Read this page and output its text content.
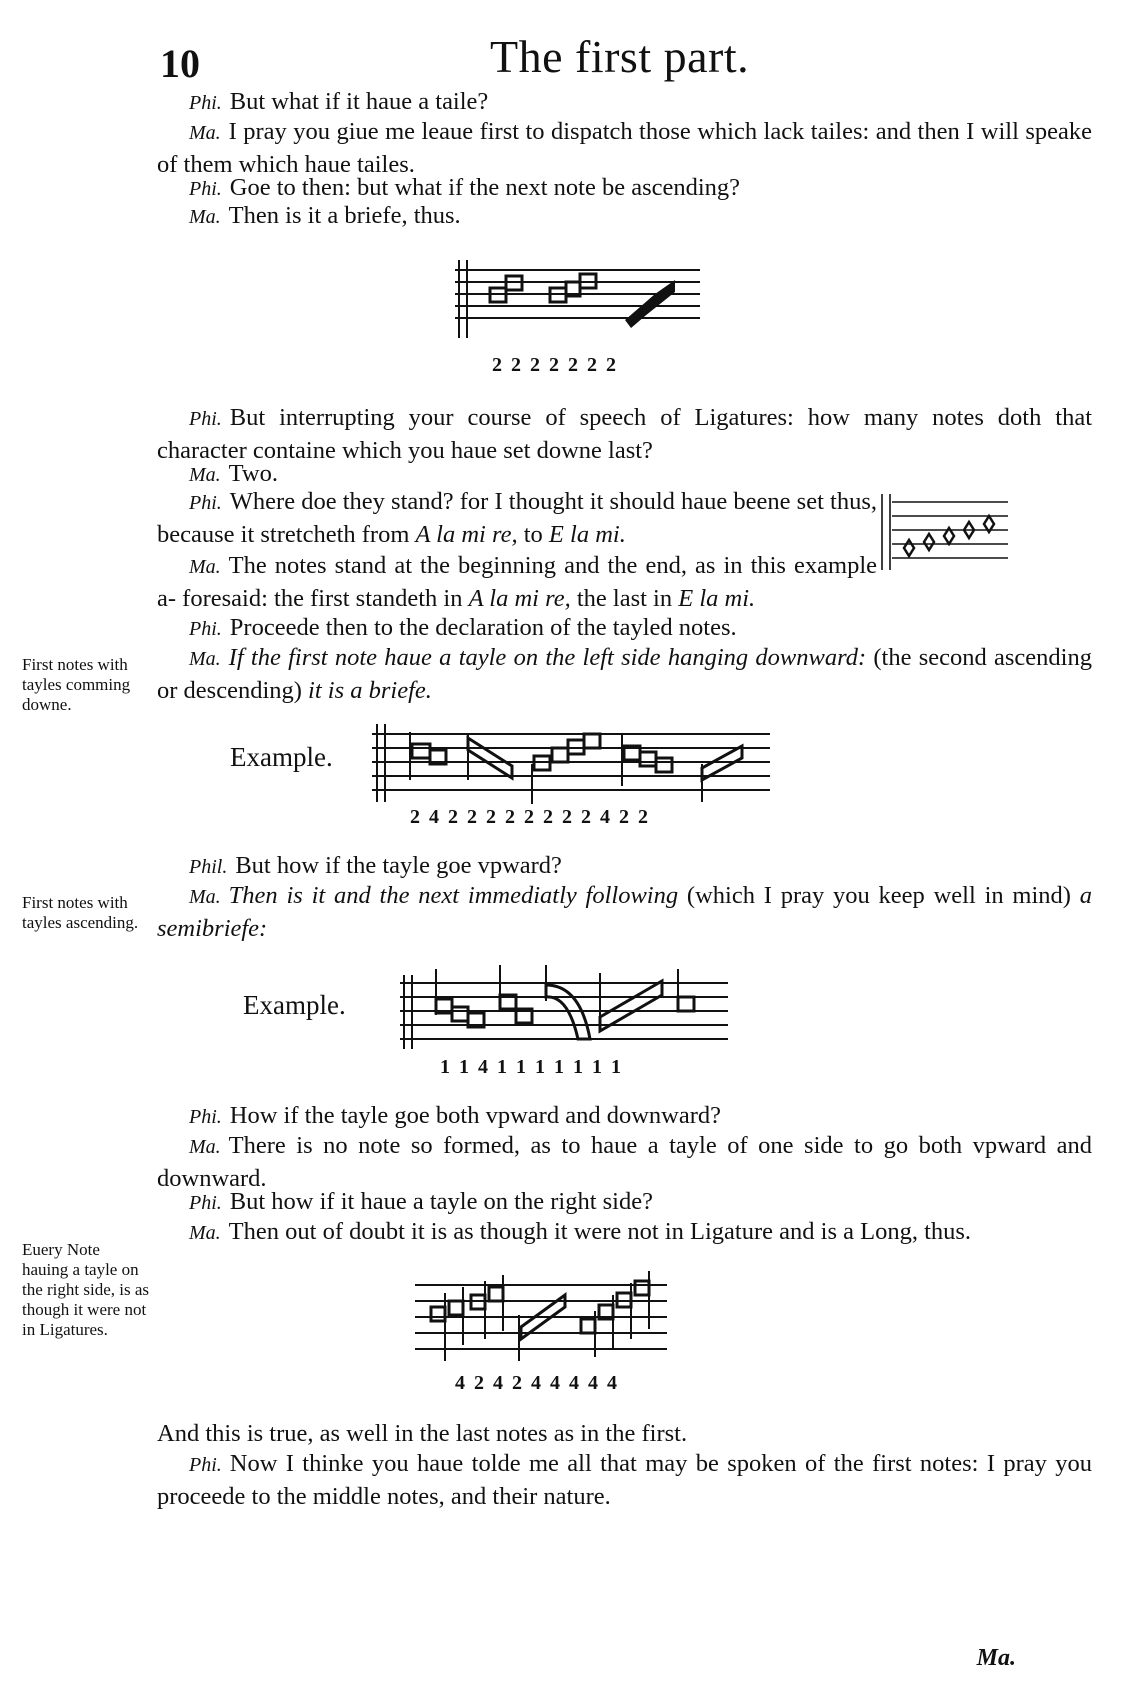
10	The first part.
Phi. But what if it haue a taile?
Ma. I pray you giue me leaue first to dispatch those which lack tailes: and then I will speake of them which haue tailes.
Phi. Goe to then: but what if the next note be ascending?
Ma. Then is it a briefe, thus.
2 2 2 2 2 2 2
Phi. But interrupting your course of speech of Ligatures: how many notes doth that character containe which you haue set downe last?
Ma. Two.
Phi. Where doe they stand? for I thought it should haue beene set thus, because it stretcheth from A la mi re, to E la mi.
Ma. The notes stand at the beginning and the end, as in this example a- foresaid: the first standeth in A la mi re, the last in E la mi.
Phi. Proceede then to the declaration of the tayled notes.
Ma. If the first note haue a tayle on the left side hanging downward: (the second ascending or descending) it is a briefe.
First notes with tayles comming downe.
Example.
2 4 2 2 2 2 2 2 2 2 4 2 2
Phil. But how if the tayle goe vpward?
Ma. Then is it and the next immediatly following (which I pray you keep well in mind) a semibriefe:
First notes with tayles ascending.
Example.
1 1 4 1 1 1 1 1 1 1
Phi. How if the tayle goe both vpward and downward?
Ma. There is no note so formed, as to haue a tayle of one side to go both vpward and downward.
Phi. But how if it haue a tayle on the right side?
Ma. Then out of doubt it is as though it were not in Ligature and is a Long, thus.
Euery Note hauing a tayle on the right side, is as though it were not in Ligatures.
4 2 4 2 4 4 4 4 4
And this is true, as well in the last notes as in the first.
Phi. Now I thinke you haue tolde me all that may be spoken of the first notes: I pray you proceede to the middle notes, and their nature.
Ma.
